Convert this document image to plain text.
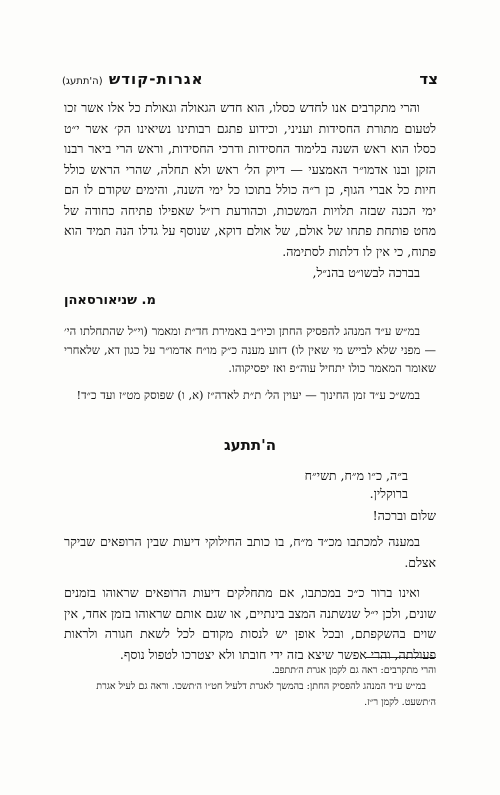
צד
אגרות-קודש (ה'תתעג)

והרי מתקרבים אנו לחדש כסלו, הוא חדש הגאולה וגאולת כל אלו אשר זכו לטעום מתורת החסידות ועניני, וכידוע פתגם רבותינו נשיאינו הק׳ אשר י״ט כסלו הוא ראש השנה בלימוד החסידות ודרכי החסידות, וראש הרי ביאר רבנו הזקן ובנו אדמו״ר האמצעי — דיוק הל׳ ראש ולא תחלה, שהרי הראש כולל חיות כל אברי הגוף, כן ר״ה כולל בתוכו כל ימי השנה, והימים שקודם לו הם ימי הכנה שבזה תלויות המשכות, וכהודעת רז״ל שאפילו פתיחה כחודה של מחט פותחת פתחו של אולם, של אולם דוקא, שנוסף על גדלו הנה תמיד הוא פתוח, כי אין לו דלתות לסתימה.

בברכה לבשו״ט בהנ״ל,
מ. שניאורסאהן

במ״ש ע״ד המנהג להפסיק החתן וכיו״ב באמירת חד״ת ומאמר (וי״ל שהתחלתו הי׳ — מפני שלא לבייש מי שאין לו) דזוע מענה כ״ק מו״ח אדמו״ר על כגון דא, שלאחרי שאומר המאמר כולו יתחיל עוה״פ ואז יפסיקוהו.

במש״כ ע״ד זמן החינוך — יעוין הל׳ ת״ת לאדה״ז (א, ו) שפוסק מט״ז ועד כ״ד!

ה'תתעג
ב״ה, כ״ו מ״ח, תשי״ח
ברוקלין.
שלום וברכה!

במענה למכתבו מכ״ד מ״ח, בו כותב החילוקי דיעות שבין הרופאים שביקר אצלם.

ואינו ברור כ״כ במכתבו, אם מתחלקים דיעות הרופאים שראוהו בזמנים שונים, ולכן י״ל שנשתנה המצב בינתיים, או שגם אותם שראוהו בזמן אחד, אין שוים בהשקפתם, ובכל אופן יש לנסות מקודם לכל לשאת חגורה ולראות פעולתה, והרי אפשר שיצא בזה ידי חובתו ולא יצטרכו לטפול נוסף.

והרי מתקרבים: ראה גם לקמן אגרת ה׳תתפב.

במ״ש ע״ד המנהג להפסיק החתן: בהמשך לאגרת דלעיל חט״ו ה׳תשכו. וראה גם לעיל אגרת ה׳תשעט. לקמן ר״ז.
